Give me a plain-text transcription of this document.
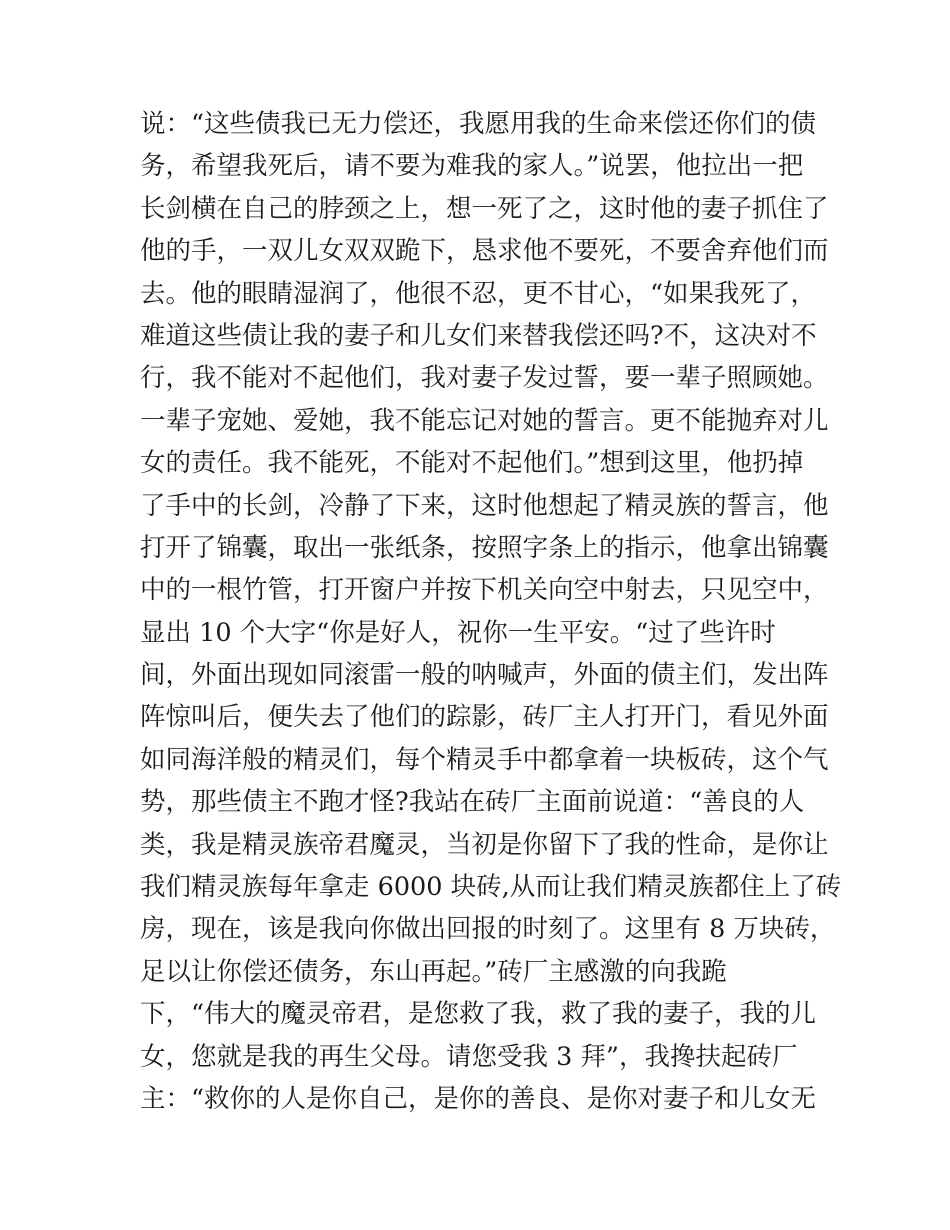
说：“这些债我已无力偿还，我愿用我的生命来偿还你们的债
务，希望我死后，请不要为难我的家人。”说罢，他拉出一把
长剑横在自己的脖颈之上，想一死了之，这时他的妻子抓住了
他的手，一双儿女双双跪下，恳求他不要死，不要舍弃他们而
去。他的眼睛湿润了，他很不忍，更不甘心，“如果我死了，
难道这些债让我的妻子和儿女们来替我偿还吗?不，这决对不
行，我不能对不起他们，我对妻子发过誓，要一辈子照顾她。
一辈子宠她、爱她，我不能忘记对她的誓言。更不能抛弃对儿
女的责任。我不能死，不能对不起他们。”想到这里，他扔掉
了手中的长剑，冷静了下来，这时他想起了精灵族的誓言，他
打开了锦囊，取出一张纸条，按照字条上的指示，他拿出锦囊
中的一根竹管，打开窗户并按下机关向空中射去，只见空中，
显出 10 个大字“你是好人，祝你一生平安。“过了些许时
间，外面出现如同滚雷一般的呐喊声，外面的债主们，发出阵
阵惊叫后，便失去了他们的踪影，砖厂主人打开门，看见外面
如同海洋般的精灵们，每个精灵手中都拿着一块板砖，这个气
势，那些债主不跑才怪?我站在砖厂主面前说道：“善良的人
类，我是精灵族帝君魔灵，当初是你留下了我的性命，是你让
我们精灵族每年拿走 6000 块砖,从而让我们精灵族都住上了砖
房，现在，该是我向你做出回报的时刻了。这里有 8 万块砖，
足以让你偿还债务，东山再起。”砖厂主感激的向我跪
下，“伟大的魔灵帝君，是您救了我，救了我的妻子，我的儿
女，您就是我的再生父母。请您受我 3 拜”，我搀扶起砖厂
主：“救你的人是你自己，是你的善良、是你对妻子和儿女无
